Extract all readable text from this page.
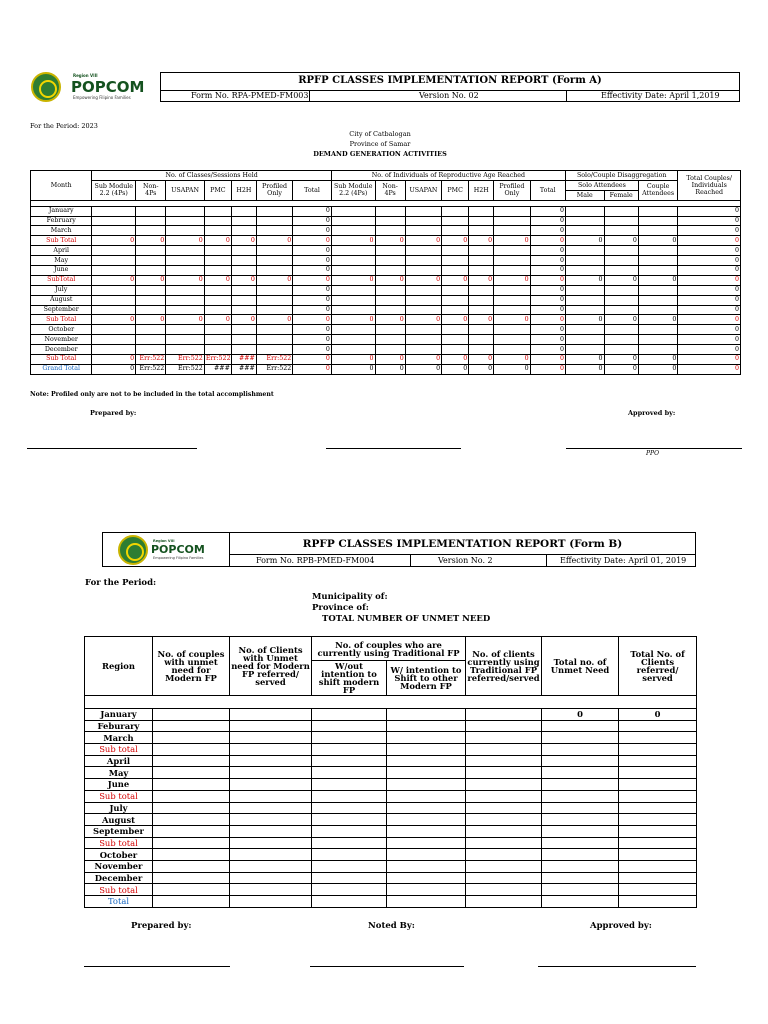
Region VIII
POPCOM
Empowering Filipino Families
RPFP CLASSES IMPLEMENTATION REPORT (Form A)
Form No. RPA-PMED-FM003	Version No. 02	Effectivity Date: April 1,2019
For the Period: 2023
City of Catbalogan
Province of Samar
DEMAND GENERATION ACTIVITIES
Month	No. of Classes/Sessions Held							No. of Individuals of Reproductive Age Reached							Solo/Couple Disaggregation			Total Couples/ Individuals Reached
	Sub Module 2.2 (4Ps)	Non- 4Ps	USAPAN	PMC	H2H	Profiled Only	Total	Sub Module 2.2 (4Ps)	Non- 4Ps	USAPAN	PMC	H2H	Profiled Only	Total	Solo Attendees		Couple Attendees	
															Male	Female		

January							0							0				0
February							0							0				0
March							0							0				0
Sub Total	0	0	0	0	0	0	0	0	0	0	0	0	0	0	0	0	0	0
April							0							0				0
May							0							0				0
June							0							0				0
SubTotal	0	0	0	0	0	0	0	0	0	0	0	0	0	0	0	0	0	0
July							0							0				0
August							0							0				0
September							0							0				0
Sub Total	0	0	0	0	0	0	0	0	0	0	0	0	0	0	0	0	0	0
October							0							0				0
November							0							0				0
December							0							0				0
Sub Total	0	Err:522	Err:522	Err:522	###	Err:522	0	0	0	0	0	0	0	0	0	0	0	0
Grand Total	0	Err:522	Err:522	###	###	Err:522	0	0	0	0	0	0	0	0	0	0	0	0
Note: Profiled only are not to be included in the total accomplishment
Prepared by:	Approved by:
PPO
Region VIII
POPCOM
Empowering Filipino Families
RPFP CLASSES IMPLEMENTATION REPORT (Form B)
Form No. RPB-PMED-FM004	Version No. 2	Effectivity Date: April 01, 2019
For the Period:
Municipality of:
Province of:
TOTAL NUMBER OF UNMET NEED
Region	No. of couples with unmet need for Modern FP	No. of Clients with Unmet need for Modern FP referred/ served	No. of couples who are currently using Traditional FP		No. of clients currently using Traditional FP referred/served	Total no. of Unmet Need	Total No. of Clients referred/ served
			W/out intention to shift modern FP	W/ intention to Shift to other Modern FP			

January						0	0
Feburary							
March							
Sub total							
April							
May							
June							
Sub total							
July							
August							
September							
Sub total							
October							
November							
December							
Sub total							
Total							
Prepared by:	Noted By:	Approved by:
